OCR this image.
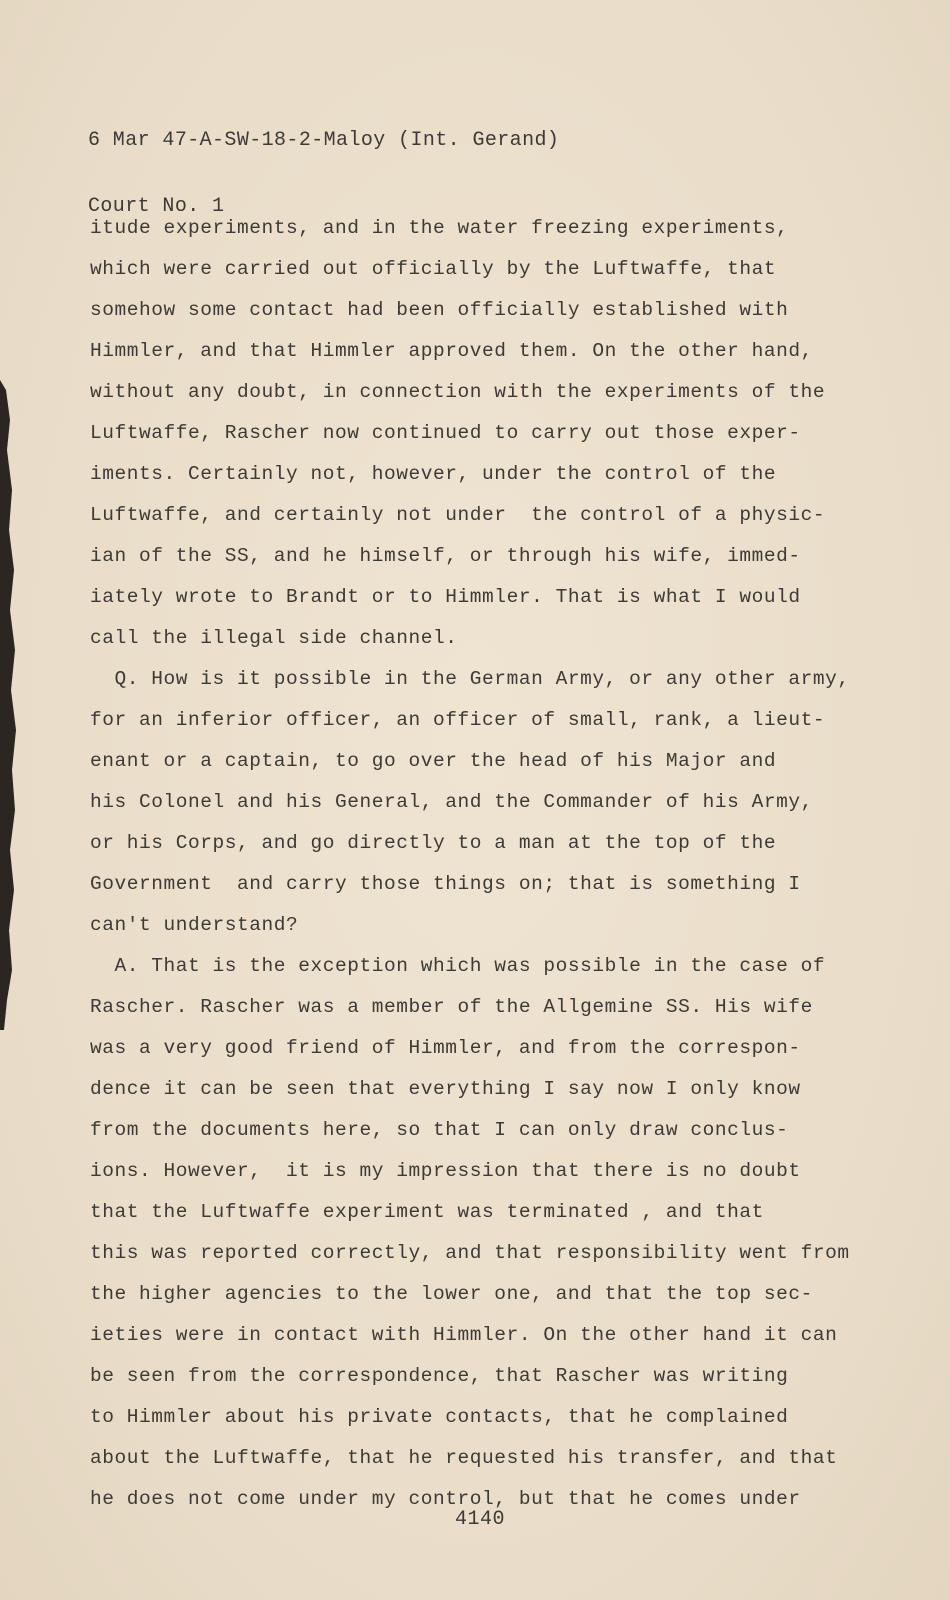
6 Mar 47-A-SW-18-2-Maloy (Int. Gerand)

Court No. 1

itude experiments, and in the water freezing experiments,
which were carried out officially by the Luftwaffe, that
somehow some contact had been officially established with
Himmler, and that Himmler approved them. On the other hand,
without any doubt, in connection with the experiments of the
Luftwaffe, Rascher now continued to carry out those exper-
iments. Certainly not, however, under the control of the
Luftwaffe, and certainly not under  the control of a physic-
ian of the SS, and he himself, or through his wife, immed-
iately wrote to Brandt or to Himmler. That is what I would
call the illegal side channel.
Q. How is it possible in the German Army, or any other army,
for an inferior officer, an officer of small, rank, a lieut-
enant or a captain, to go over the head of his Major and
his Colonel and his General, and the Commander of his Army,
or his Corps, and go directly to a man at the top of the
Government  and carry those things on; that is something I
can't understand?
A. That is the exception which was possible in the case of
Rascher. Rascher was a member of the Allgemine SS. His wife
was a very good friend of Himmler, and from the correspon-
dence it can be seen that everything I say now I only know
from the documents here, so that I can only draw conclus-
ions. However,  it is my impression that there is no doubt
that the Luftwaffe experiment was terminated , and that
this was reported correctly, and that responsibility went from
the higher agencies to the lower one, and that the top sec-
ieties were in contact with Himmler. On the other hand it can
be seen from the correspondence, that Rascher was writing
to Himmler about his private contacts, that he complained
about the Luftwaffe, that he requested his transfer, and that
he does not come under my control, but that he comes under
4140
